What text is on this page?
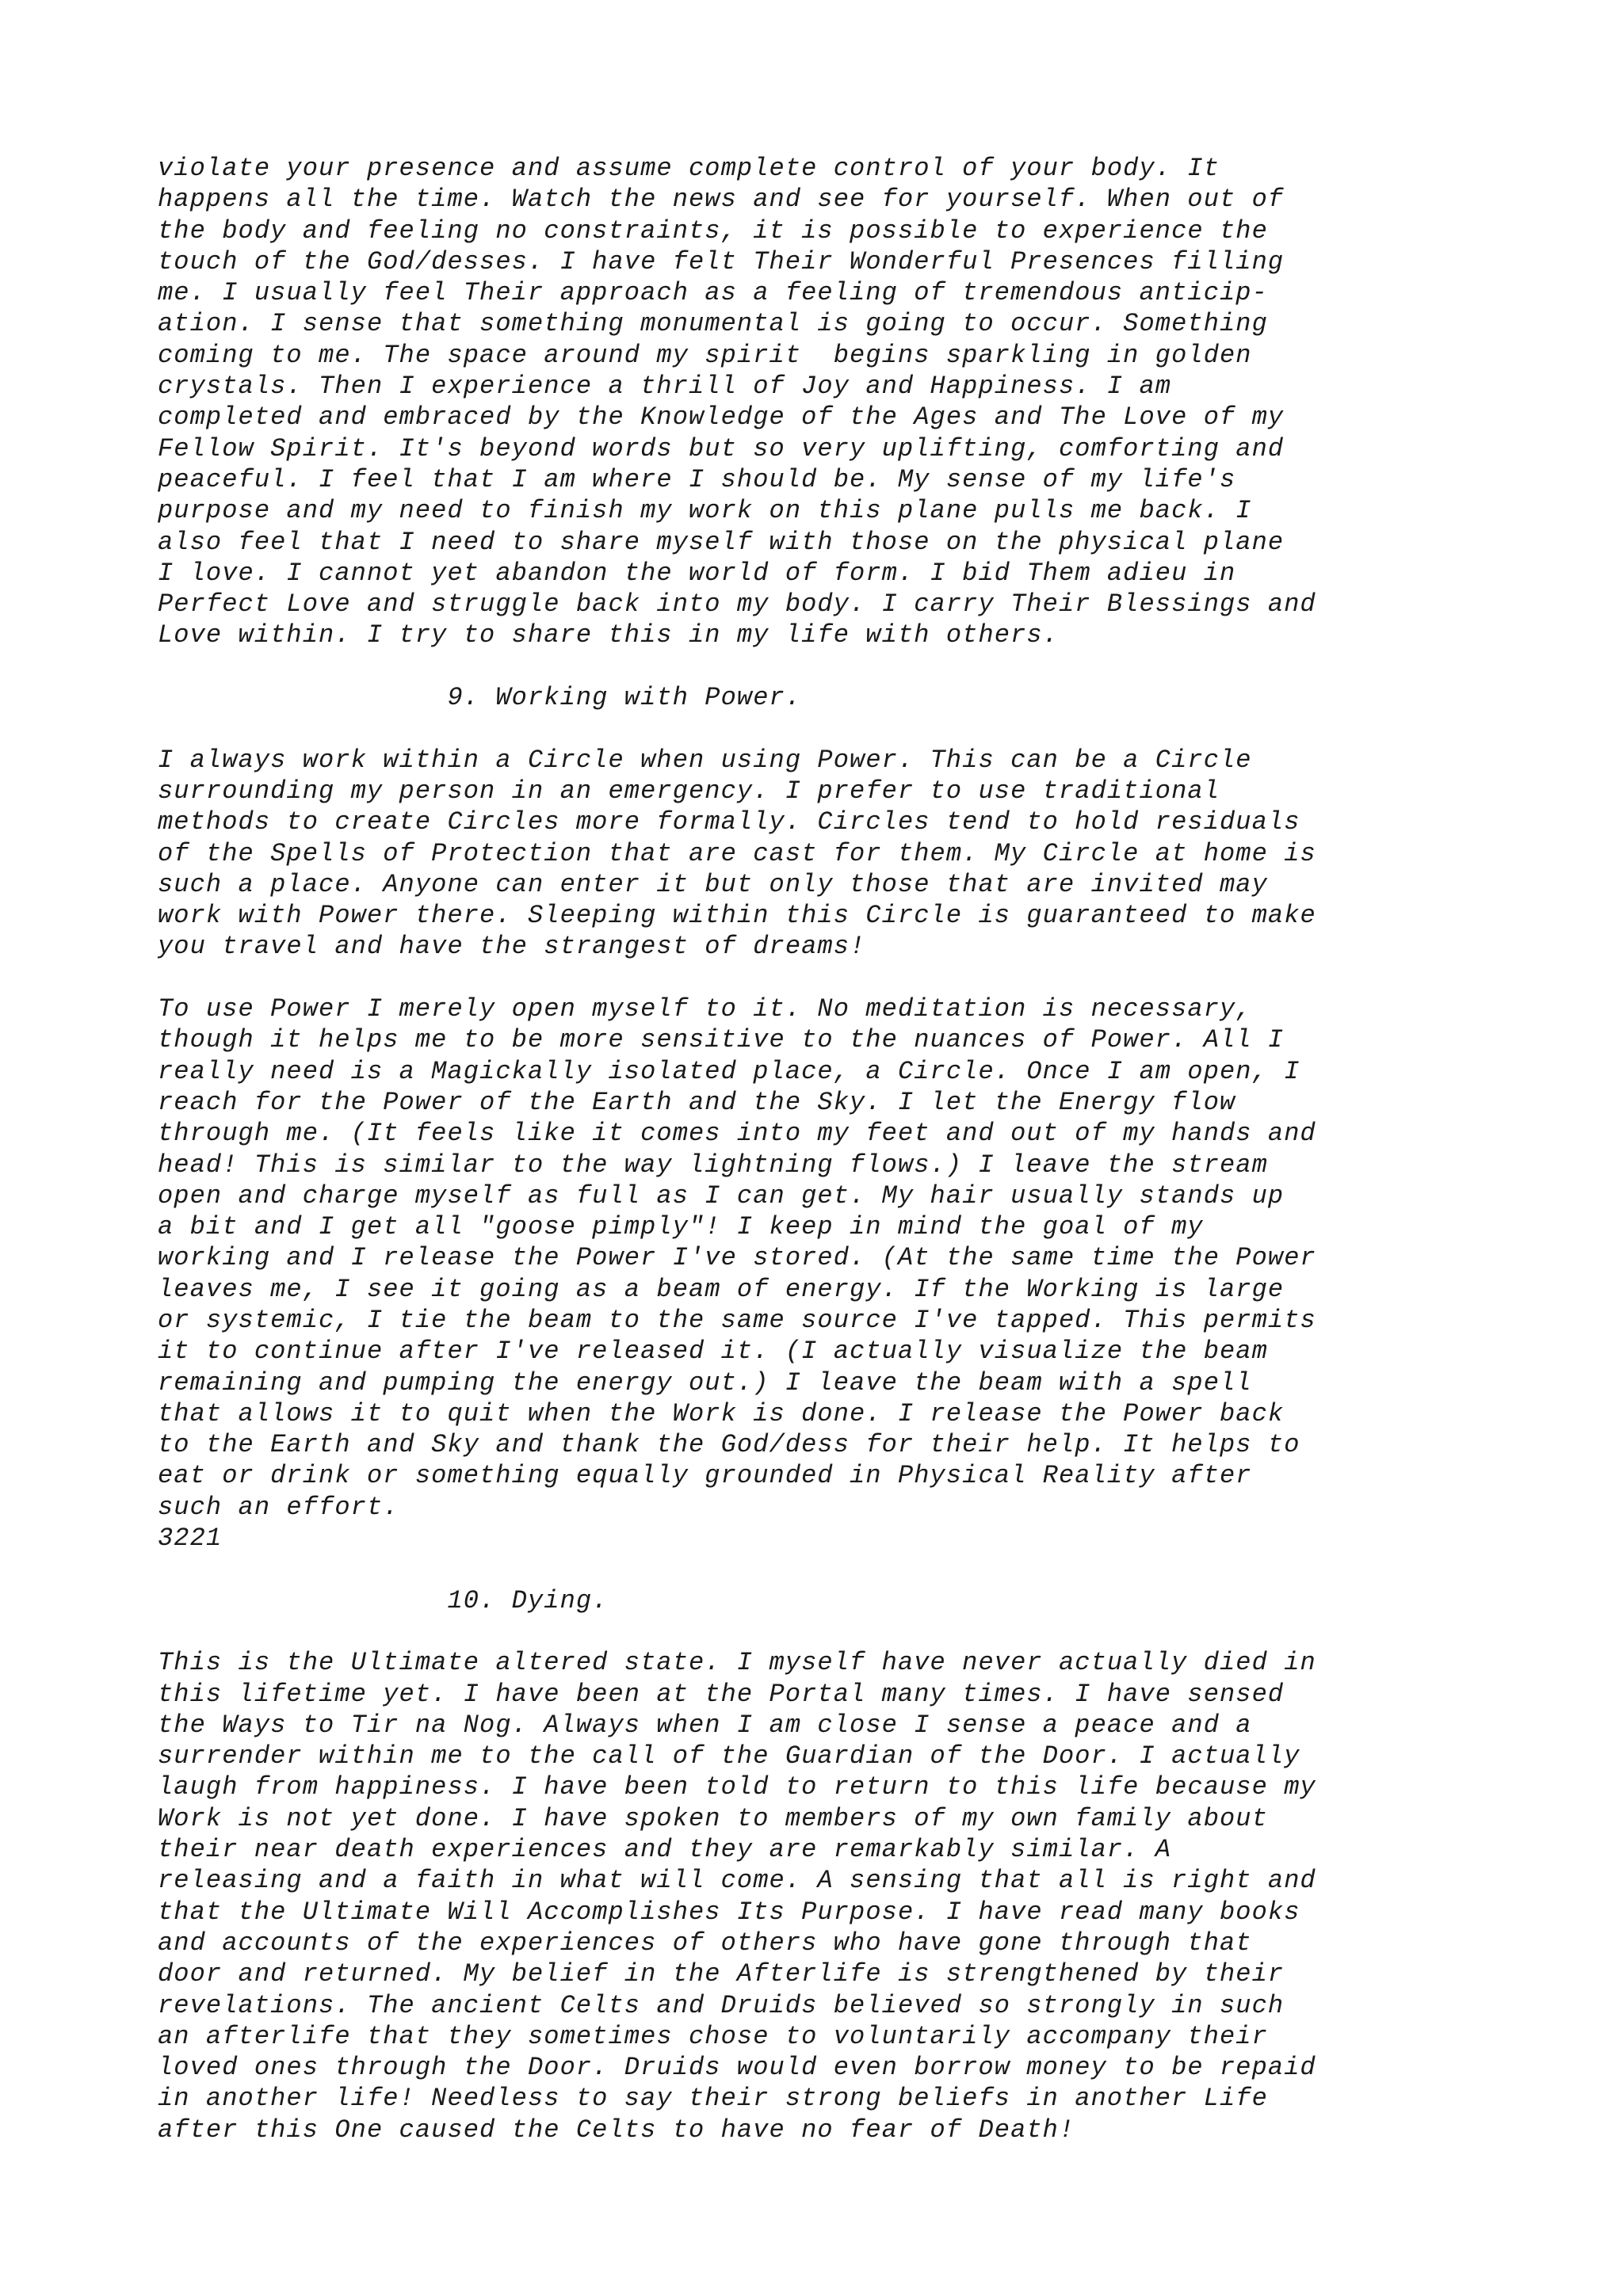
violate your presence and assume complete control of your body. It
happens all the time. Watch the news and see for yourself. When out of
the body and feeling no constraints, it is possible to experience the
touch of the God/desses. I have felt Their Wonderful Presences filling
me. I usually feel Their approach as a feeling of tremendous anticip-
ation. I sense that something monumental is going to occur. Something
coming to me. The space around my spirit  begins sparkling in golden
crystals. Then I experience a thrill of Joy and Happiness. I am
completed and embraced by the Knowledge of the Ages and The Love of my
Fellow Spirit. It's beyond words but so very uplifting, comforting and
peaceful. I feel that I am where I should be. My sense of my life's
purpose and my need to finish my work on this plane pulls me back. I
also feel that I need to share myself with those on the physical plane
I love. I cannot yet abandon the world of form. I bid Them adieu in
Perfect Love and struggle back into my body. I carry Their Blessings and
Love within. I try to share this in my life with others.
9. Working with Power.
I always work within a Circle when using Power. This can be a Circle
surrounding my person in an emergency. I prefer to use traditional
methods to create Circles more formally. Circles tend to hold residuals
of the Spells of Protection that are cast for them. My Circle at home is
such a place. Anyone can enter it but only those that are invited may
work with Power there. Sleeping within this Circle is guaranteed to make
you travel and have the strangest of dreams!
To use Power I merely open myself to it. No meditation is necessary,
though it helps me to be more sensitive to the nuances of Power. All I
really need is a Magickally isolated place, a Circle. Once I am open, I
reach for the Power of the Earth and the Sky. I let the Energy flow
through me. (It feels like it comes into my feet and out of my hands and
head! This is similar to the way lightning flows.) I leave the stream
open and charge myself as full as I can get. My hair usually stands up
a bit and I get all "goose pimply"! I keep in mind the goal of my
working and I release the Power I've stored. (At the same time the Power
leaves me, I see it going as a beam of energy. If the Working is large
or systemic, I tie the beam to the same source I've tapped. This permits
it to continue after I've released it. (I actually visualize the beam
remaining and pumping the energy out.) I leave the beam with a spell
that allows it to quit when the Work is done. I release the Power back
to the Earth and Sky and thank the God/dess for their help. It helps to
eat or drink or something equally grounded in Physical Reality after
such an effort.
3221
10. Dying.
This is the Ultimate altered state. I myself have never actually died in
this lifetime yet. I have been at the Portal many times. I have sensed
the Ways to Tir na Nog. Always when I am close I sense a peace and a
surrender within me to the call of the Guardian of the Door. I actually
laugh from happiness. I have been told to return to this life because my
Work is not yet done. I have spoken to members of my own family about
their near death experiences and they are remarkably similar. A
releasing and a faith in what will come. A sensing that all is right and
that the Ultimate Will Accomplishes Its Purpose. I have read many books
and accounts of the experiences of others who have gone through that
door and returned. My belief in the Afterlife is strengthened by their
revelations. The ancient Celts and Druids believed so strongly in such
an afterlife that they sometimes chose to voluntarily accompany their
loved ones through the Door. Druids would even borrow money to be repaid
in another life! Needless to say their strong beliefs in another Life
after this One caused the Celts to have no fear of Death!
